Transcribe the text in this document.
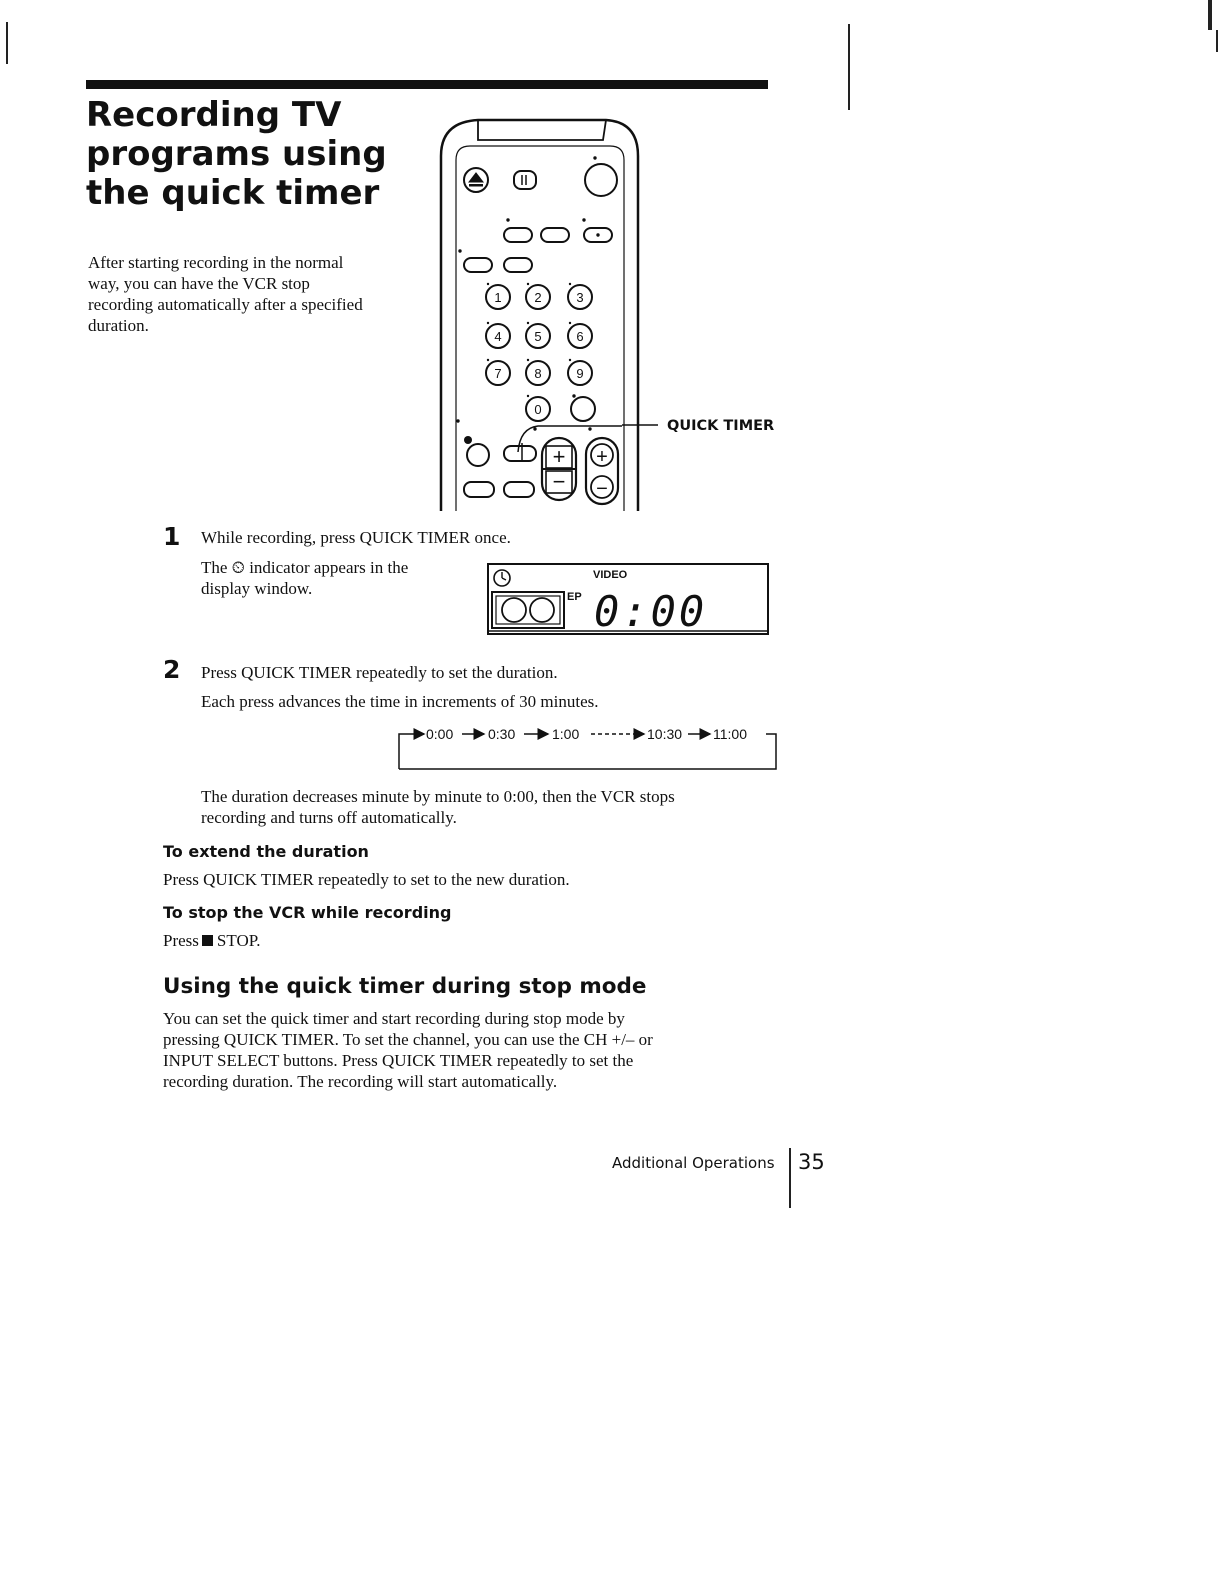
Recording TV
programs using
the quick timer
After starting recording in the normal
way, you can have the VCR stop
recording automatically after a specified
duration.
1	2	3
4	5	6
7	8	9
0
+
−
+
−
QUICK TIMER
1 While recording, press QUICK TIMER once.
The ⏲ indicator appears in the
display window.
VIDEO
EP 0:00
2 Press QUICK TIMER repeatedly to set the duration.
Each press advances the time in increments of 30 minutes.
0:00 0:30	1:00	10:30 11:00
The duration decreases minute by minute to 0:00, then the VCR stops
recording and turns off automatically.
To extend the duration
Press QUICK TIMER repeatedly to set to the new duration.
To stop the VCR while recording
Press STOP.
Using the quick timer during stop mode
You can set the quick timer and start recording during stop mode by
pressing QUICK TIMER. To set the channel, you can use the CH +/– or
INPUT SELECT buttons. Press QUICK TIMER repeatedly to set the
recording duration. The recording will start automatically.
Additional Operations 35
